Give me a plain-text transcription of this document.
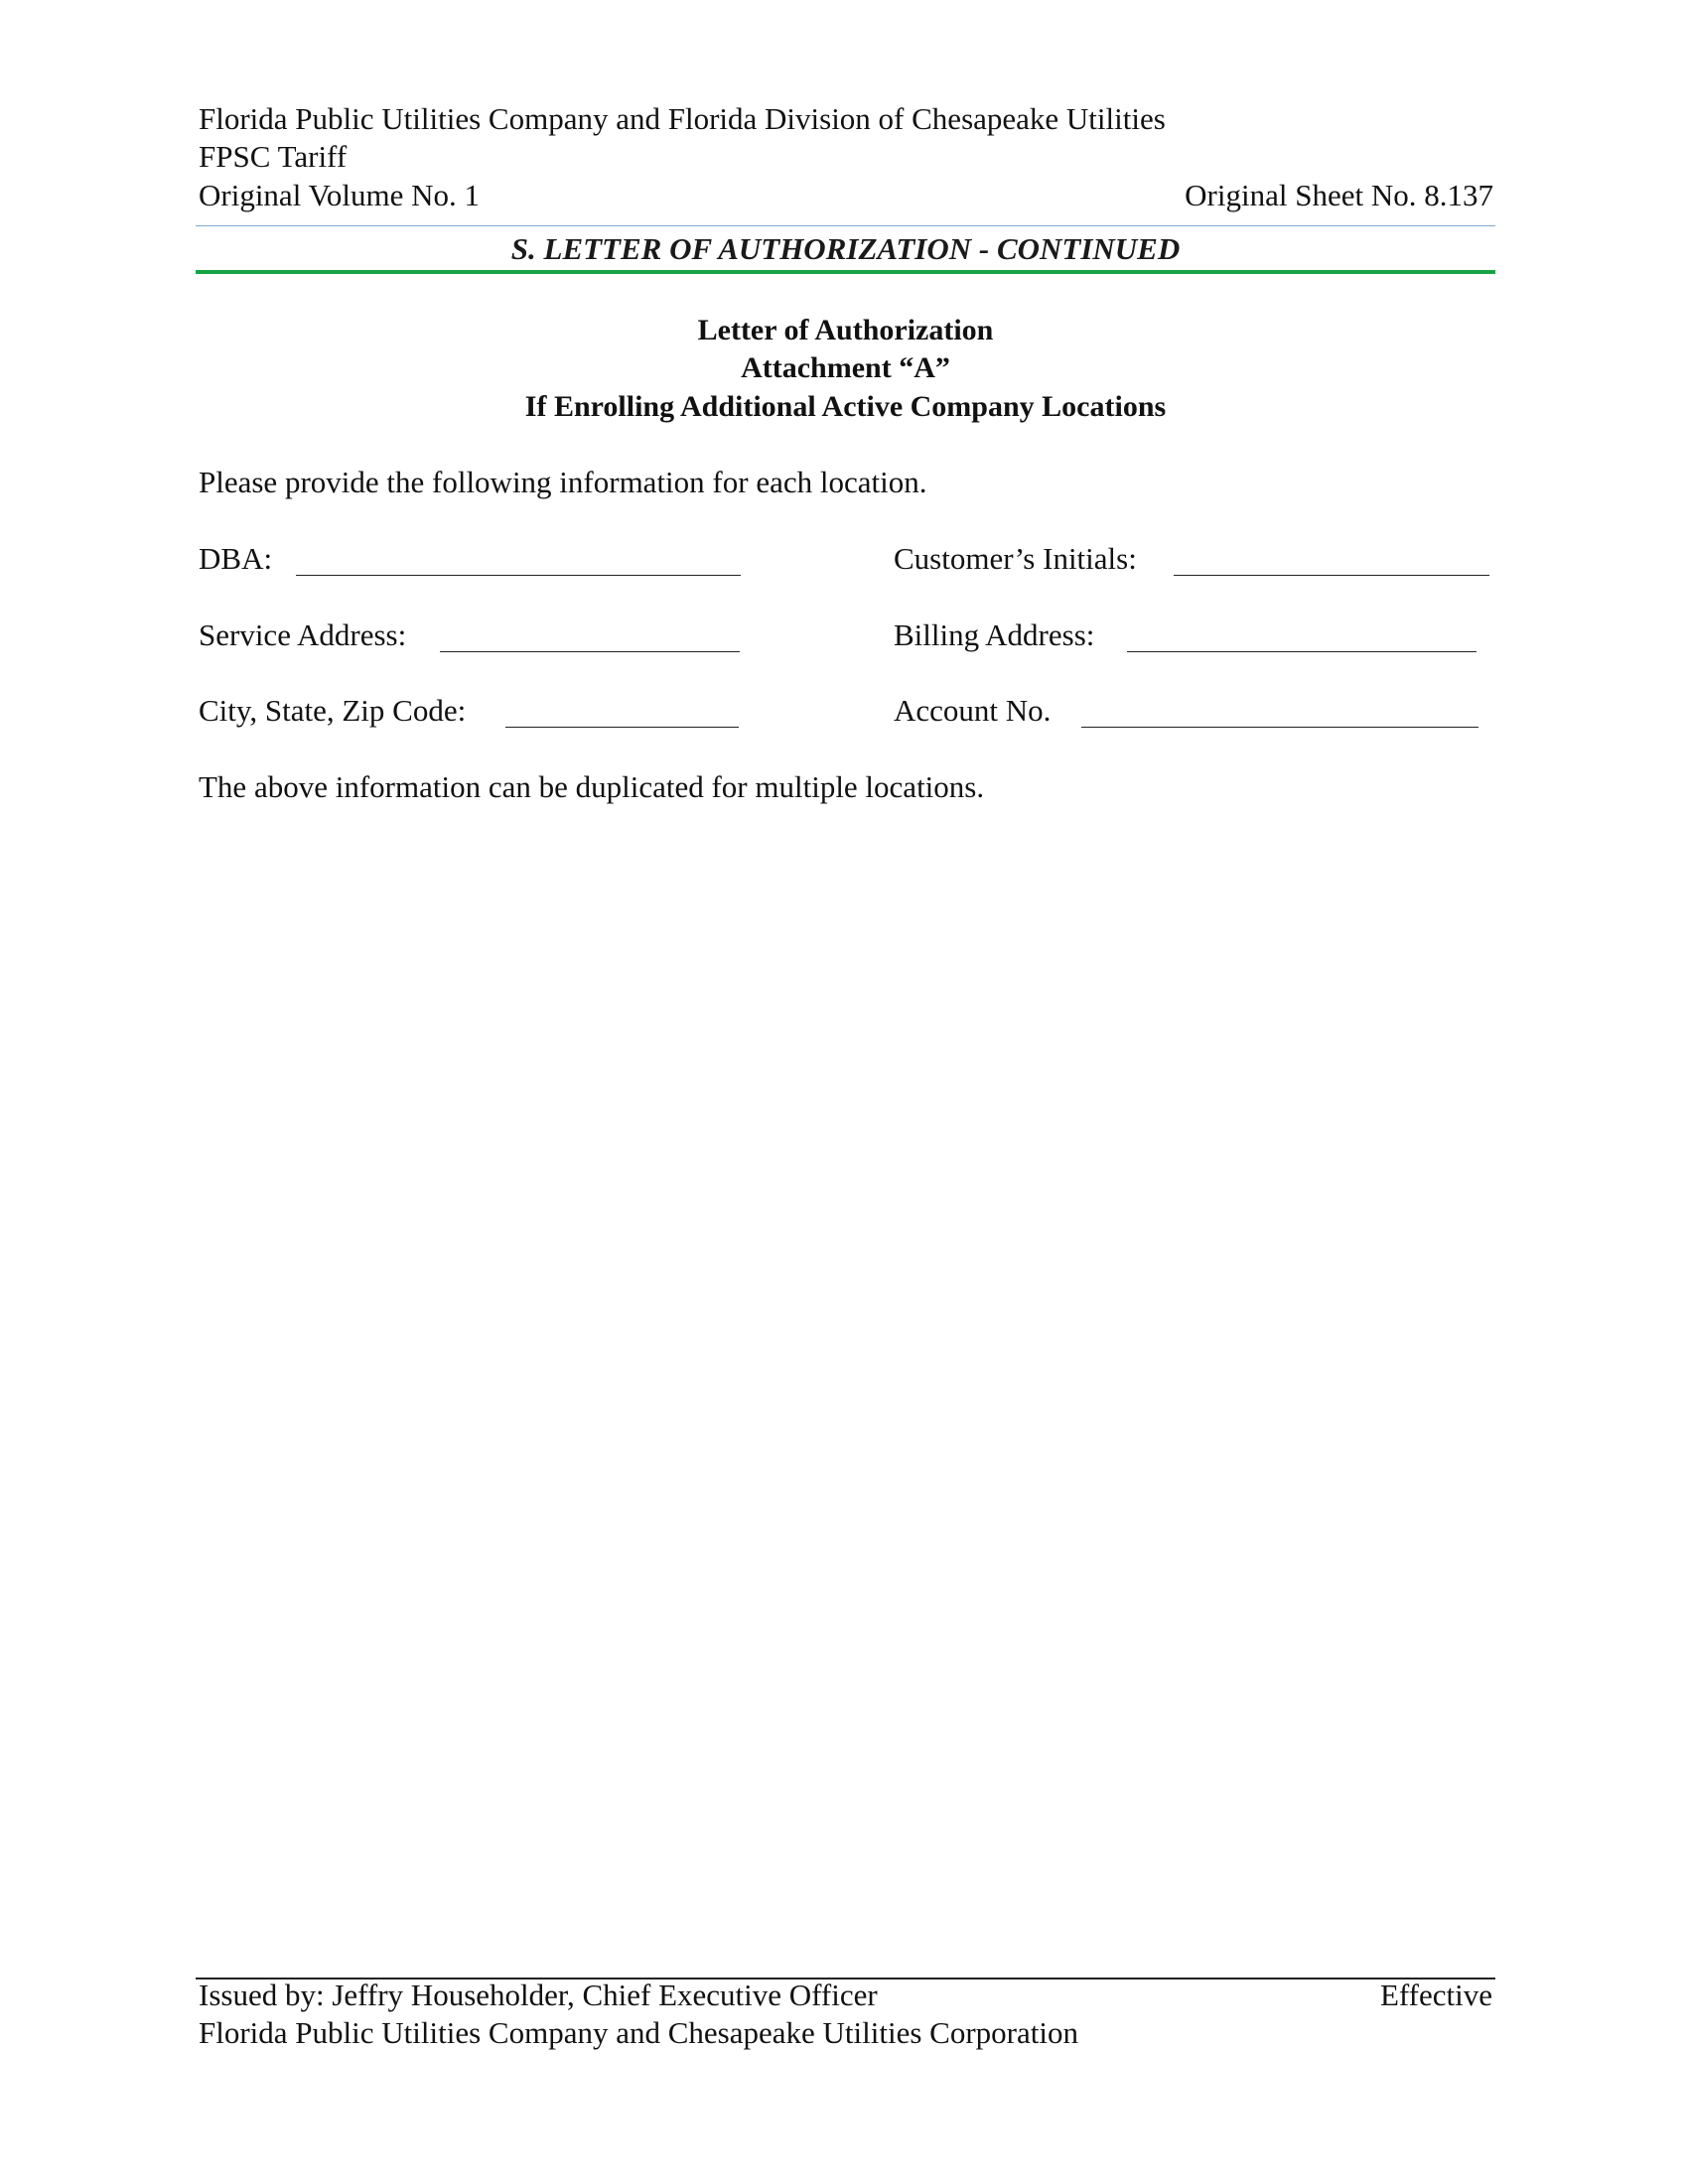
Florida Public Utilities Company and Florida Division of Chesapeake Utilities
FPSC Tariff
Original Volume No. 1	Original Sheet No. 8.137
S. LETTER OF AUTHORIZATION - CONTINUED
Letter of Authorization
Attachment “A”
If Enrolling Additional Active Company Locations
Please provide the following information for each location.
DBA:	Customer’s Initials:
Service Address:	Billing Address:
City, State, Zip Code:	Account No.
The above information can be duplicated for multiple locations.
Issued by: Jeffry Householder, Chief Executive Officer	Effective
Florida Public Utilities Company and Chesapeake Utilities Corporation
